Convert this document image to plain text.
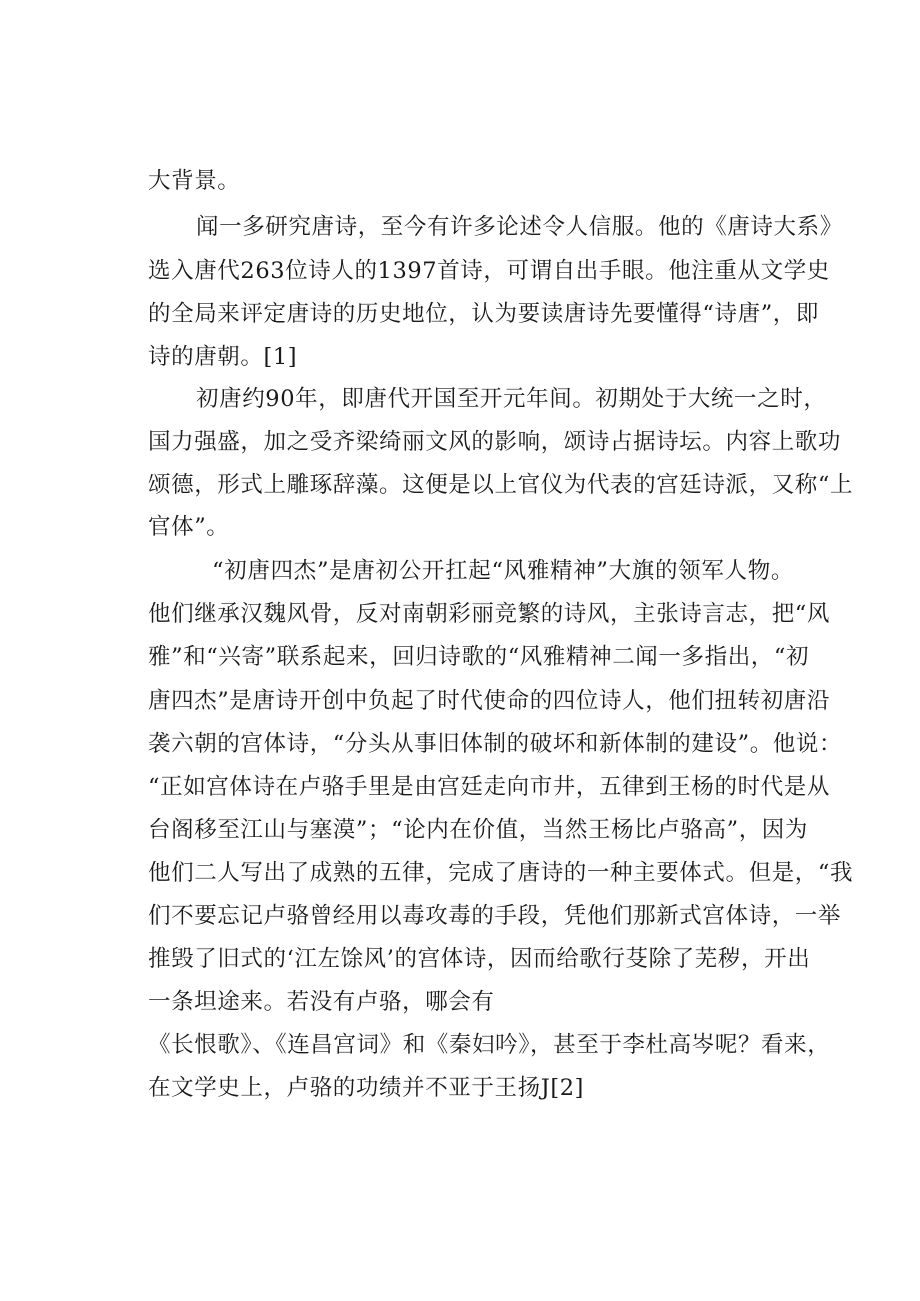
大背景。
闻一多研究唐诗，至今有许多论述令人信服。他的《唐诗大系》
选入唐代263位诗人的1397首诗，可谓自出手眼。他注重从文学史
的全局来评定唐诗的历史地位，认为要读唐诗先要懂得“诗唐”，即
诗的唐朝。[1]
初唐约90年，即唐代开国至开元年间。初期处于大统一之时，
国力强盛，加之受齐梁绮丽文风的影响，颂诗占据诗坛。内容上歌功
颂德，形式上雕琢辞藻。这便是以上官仪为代表的宫廷诗派，又称“上
官体”。
“初唐四杰”是唐初公开扛起“风雅精神”大旗的领军人物。
他们继承汉魏风骨，反对南朝彩丽竞繁的诗风，主张诗言志，把“风
雅”和“兴寄”联系起来，回归诗歌的“风雅精神二闻一多指出，“初
唐四杰”是唐诗开创中负起了时代使命的四位诗人，他们扭转初唐沿
袭六朝的宫体诗，“分头从事旧体制的破坏和新体制的建设”。他说：
“正如宫体诗在卢骆手里是由宫廷走向市井，五律到王杨的时代是从
台阁移至江山与塞漠”；“论内在价值，当然王杨比卢骆高”，因为
他们二人写出了成熟的五律，完成了唐诗的一种主要体式。但是，“我
们不要忘记卢骆曾经用以毒攻毒的手段，凭他们那新式宫体诗，一举
推毁了旧式的‘江左馀风’的宫体诗，因而给歌行芟除了芜秽，开出
一条坦途来。若没有卢骆，哪会有
《长恨歌》、《连昌宫词》和《秦妇吟》，甚至于李杜高岑呢？看来，
在文学史上，卢骆的功绩并不亚于王扬J[2]
